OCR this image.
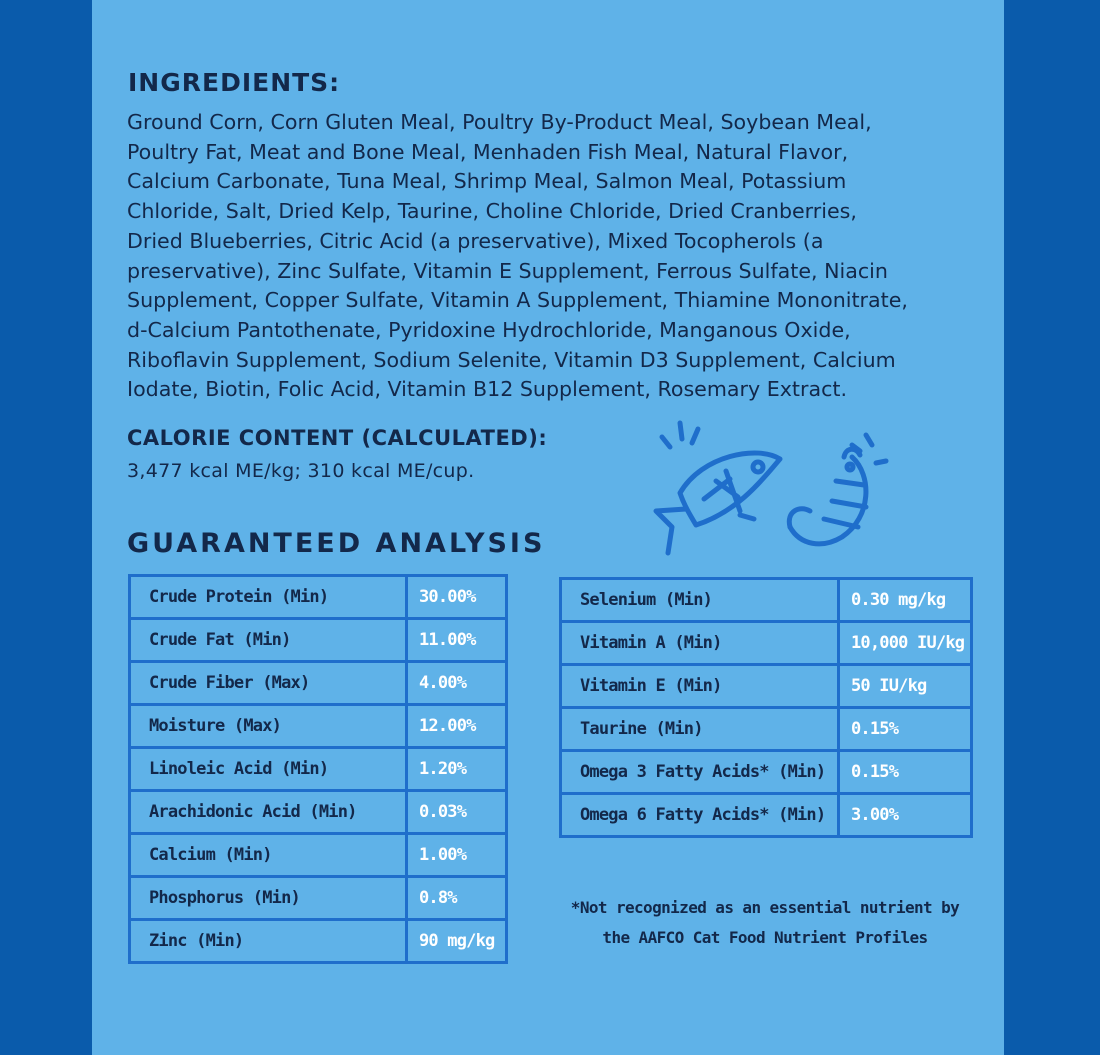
INGREDIENTS:

Ground Corn, Corn Gluten Meal, Poultry By-Product Meal, Soybean Meal,
Poultry Fat, Meat and Bone Meal, Menhaden Fish Meal, Natural Flavor,
Calcium Carbonate, Tuna Meal, Shrimp Meal, Salmon Meal, Potassium
Chloride, Salt, Dried Kelp, Taurine, Choline Chloride, Dried Cranberries,
Dried Blueberries, Citric Acid (a preservative), Mixed Tocopherols (a
preservative), Zinc Sulfate, Vitamin E Supplement, Ferrous Sulfate, Niacin
Supplement, Copper Sulfate, Vitamin A Supplement, Thiamine Mononitrate,
d-Calcium Pantothenate, Pyridoxine Hydrochloride, Manganous Oxide,
Riboflavin Supplement, Sodium Selenite, Vitamin D3 Supplement, Calcium
Iodate, Biotin, Folic Acid, Vitamin B12 Supplement, Rosemary Extract.

CALORIE CONTENT (CALCULATED):
3,477 kcal ME/kg; 310 kcal ME/cup.
GUARANTEED ANALYSIS
Crude Protein (Min)	30.00%
Crude Fat (Min)	11.00%
Crude Fiber (Max)	4.00%
Moisture (Max)	12.00%
Linoleic Acid (Min)	1.20%
Arachidonic Acid (Min)	0.03%
Calcium (Min)	1.00%
Phosphorus (Min)	0.8%
Zinc (Min)	90 mg/kg
Selenium (Min)	0.30 mg/kg
Vitamin A (Min)	10,000 IU/kg
Vitamin E (Min)	50 IU/kg
Taurine (Min)	0.15%
Omega 3 Fatty Acids* (Min)	0.15%
Omega 6 Fatty Acids* (Min)	3.00%
*Not recognized as an essential nutrient by
the AAFCO Cat Food Nutrient Profiles
